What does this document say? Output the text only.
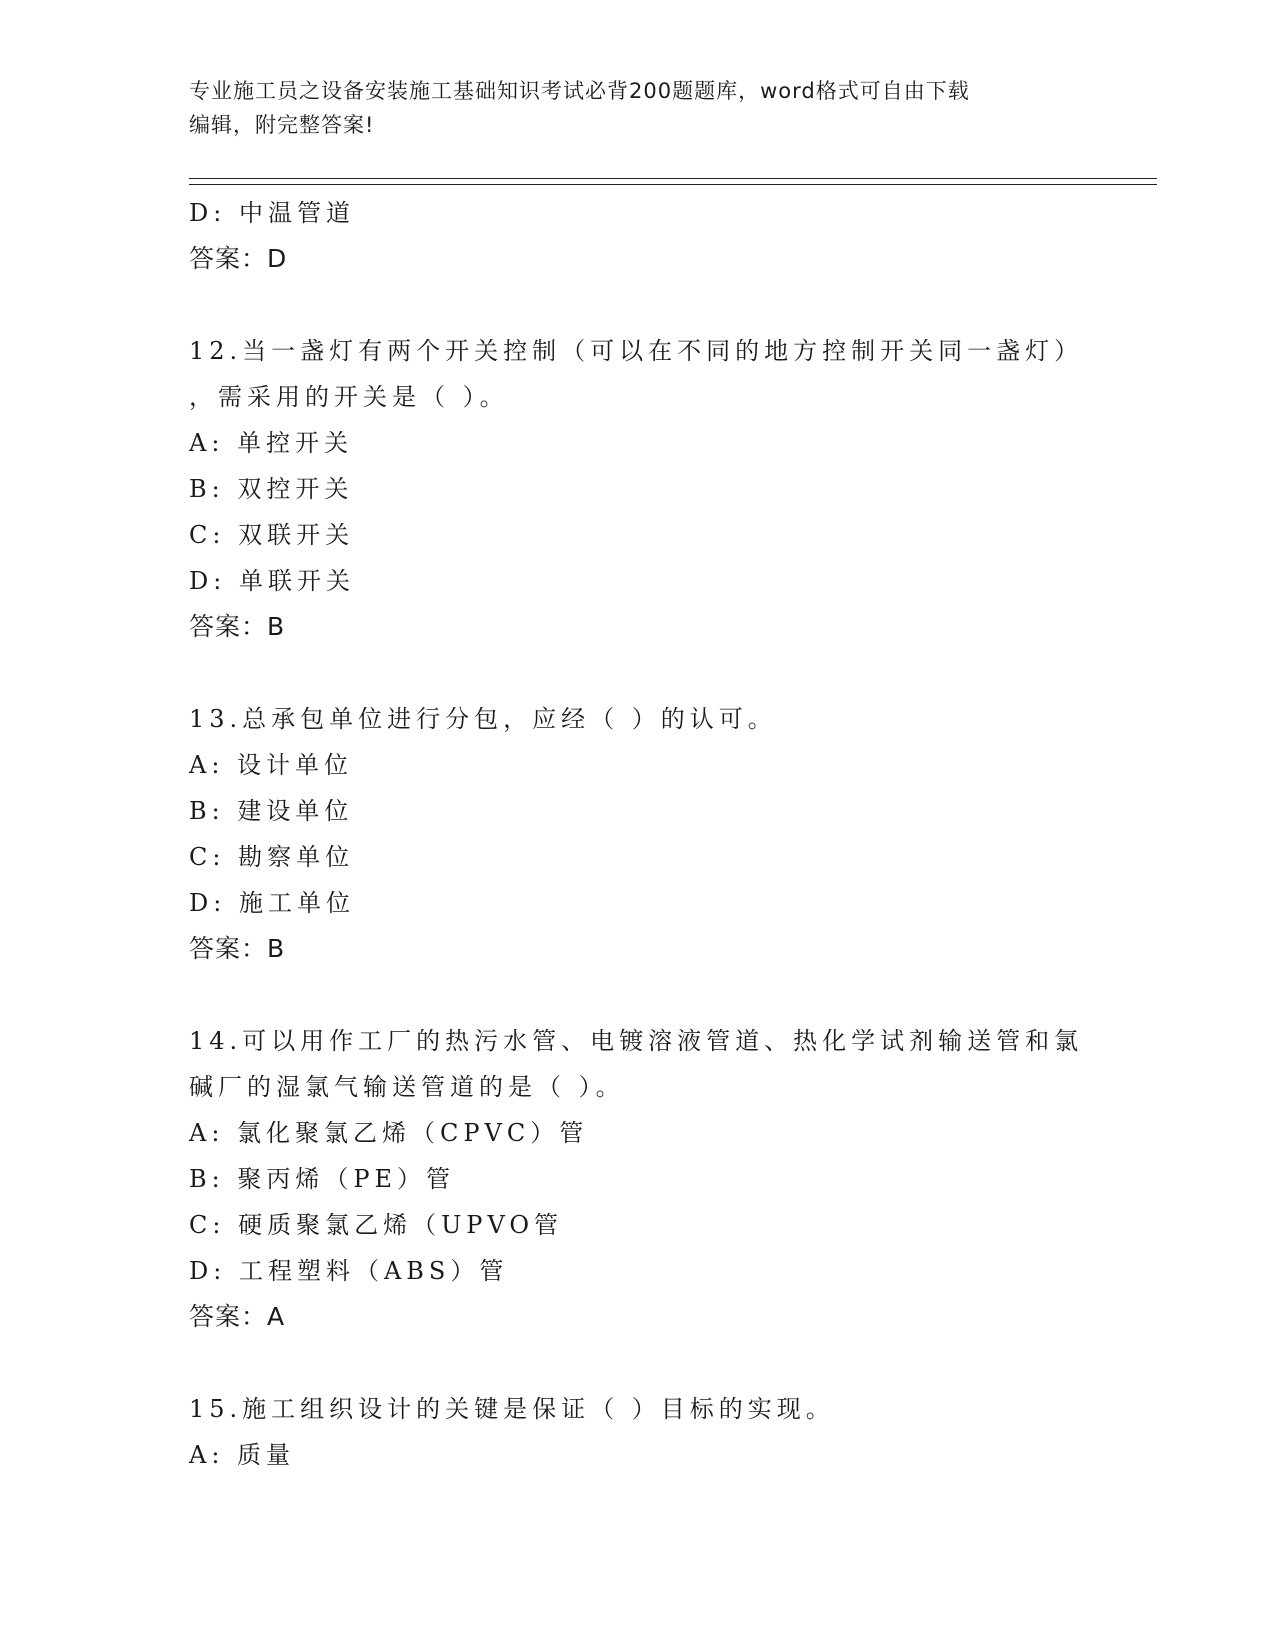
专业施工员之设备安装施工基础知识考试必背200题题库，word格式可自由下载
编辑，附完整答案!
D: 中温管道
答案：D
12.当一盏灯有两个开关控制（可以在不同的地方控制开关同一盏灯）
，需采用的开关是（ ）。
A: 单控开关
B: 双控开关
C: 双联开关
D: 单联开关
答案：B
13.总承包单位进行分包，应经（ ）的认可。
A: 设计单位
B: 建设单位
C: 勘察单位
D: 施工单位
答案：B
14.可以用作工厂的热污水管、电镀溶液管道、热化学试剂输送管和氯
碱厂的湿氯气输送管道的是（ ）。
A: 氯化聚氯乙烯（CPVC）管
B: 聚丙烯（PE）管
C: 硬质聚氯乙烯（UPVO管
D: 工程塑料（ABS）管
答案：A
15.施工组织设计的关键是保证（ ）目标的实现。
A: 质量
